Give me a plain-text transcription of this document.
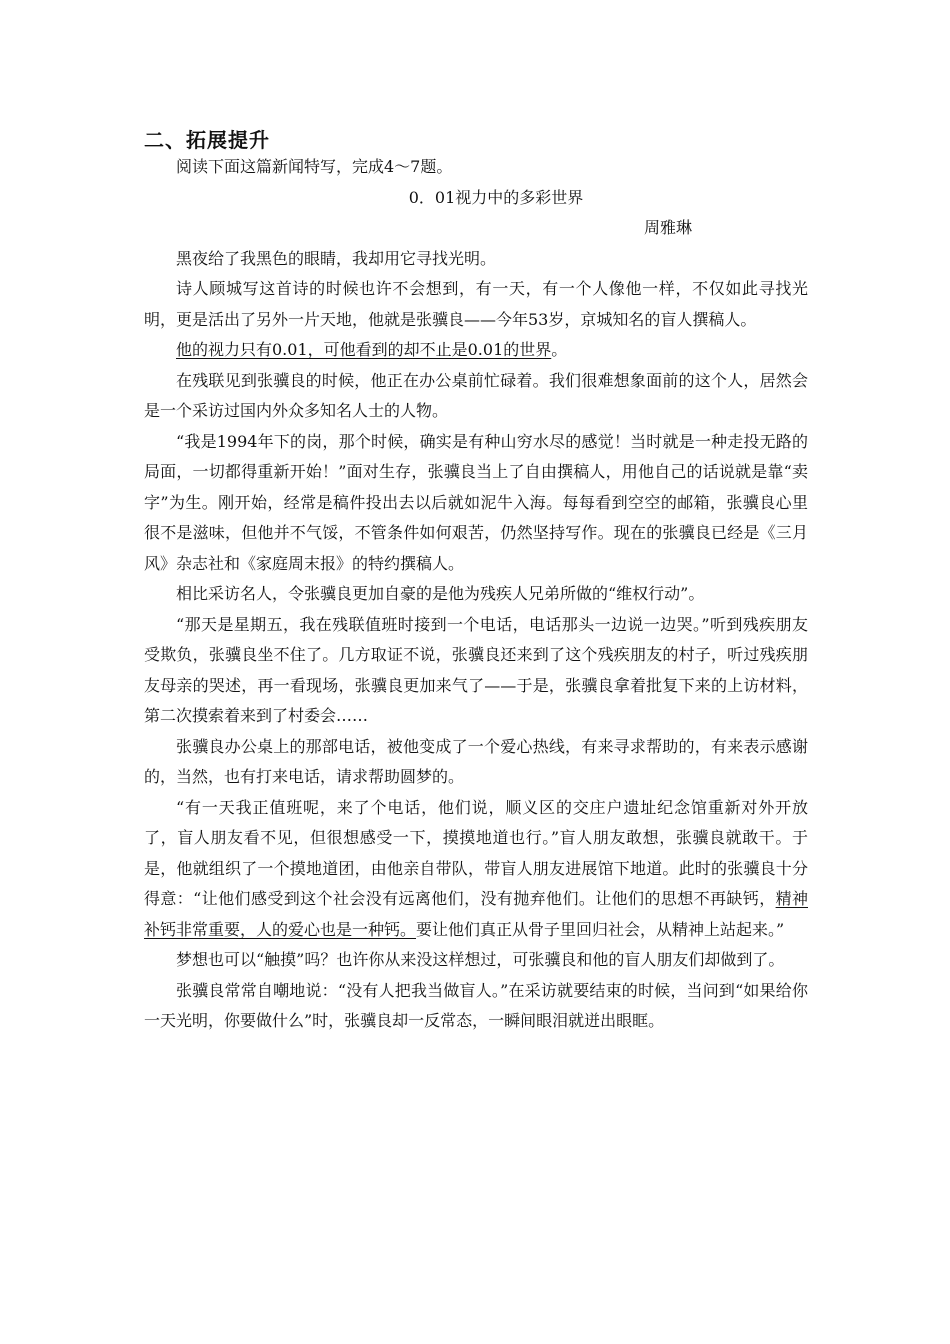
二、拓展提升

阅读下面这篇新闻特写，完成4～7题。

0．01视力中的多彩世界

周雅琳

黑夜给了我黑色的眼睛，我却用它寻找光明。

诗人顾城写这首诗的时候也许不会想到，有一天，有一个人像他一样，不仅如此寻找光明，更是活出了另外一片天地，他就是张骥良——今年53岁，京城知名的盲人撰稿人。

他的视力只有0.01，可他看到的却不止是0.01的世界。

在残联见到张骥良的时候，他正在办公桌前忙碌着。我们很难想象面前的这个人，居然会是一个采访过国内外众多知名人士的人物。

“我是1994年下的岗，那个时候，确实是有种山穷水尽的感觉！当时就是一种走投无路的局面，一切都得重新开始！”面对生存，张骥良当上了自由撰稿人，用他自己的话说就是靠“卖字”为生。刚开始，经常是稿件投出去以后就如泥牛入海。每每看到空空的邮箱，张骥良心里很不是滋味，但他并不气馁，不管条件如何艰苦，仍然坚持写作。现在的张骥良已经是《三月风》杂志社和《家庭周末报》的特约撰稿人。

相比采访名人，令张骥良更加自豪的是他为残疾人兄弟所做的“维权行动”。

“那天是星期五，我在残联值班时接到一个电话，电话那头一边说一边哭。”听到残疾朋友受欺负，张骥良坐不住了。几方取证不说，张骥良还来到了这个残疾朋友的村子，听过残疾朋友母亲的哭述，再一看现场，张骥良更加来气了——于是，张骥良拿着批复下来的上访材料，第二次摸索着来到了村委会……

张骥良办公桌上的那部电话，被他变成了一个爱心热线，有来寻求帮助的，有来表示感谢的，当然，也有打来电话，请求帮助圆梦的。

“有一天我正值班呢，来了个电话，他们说，顺义区的交庄户遗址纪念馆重新对外开放了，盲人朋友看不见，但很想感受一下，摸摸地道也行。”盲人朋友敢想，张骥良就敢干。于是，他就组织了一个摸地道团，由他亲自带队，带盲人朋友进展馆下地道。此时的张骥良十分得意：“让他们感受到这个社会没有远离他们，没有抛弃他们。让他们的思想不再缺钙，精神补钙非常重要，人的爱心也是一种钙。要让他们真正从骨子里回归社会，从精神上站起来。”

梦想也可以“触摸”吗？也许你从来没这样想过，可张骥良和他的盲人朋友们却做到了。

张骥良常常自嘲地说：“没有人把我当做盲人。”在采访就要结束的时候，当问到“如果给你一天光明，你要做什么”时，张骥良却一反常态，一瞬间眼泪就迸出眼眶。
